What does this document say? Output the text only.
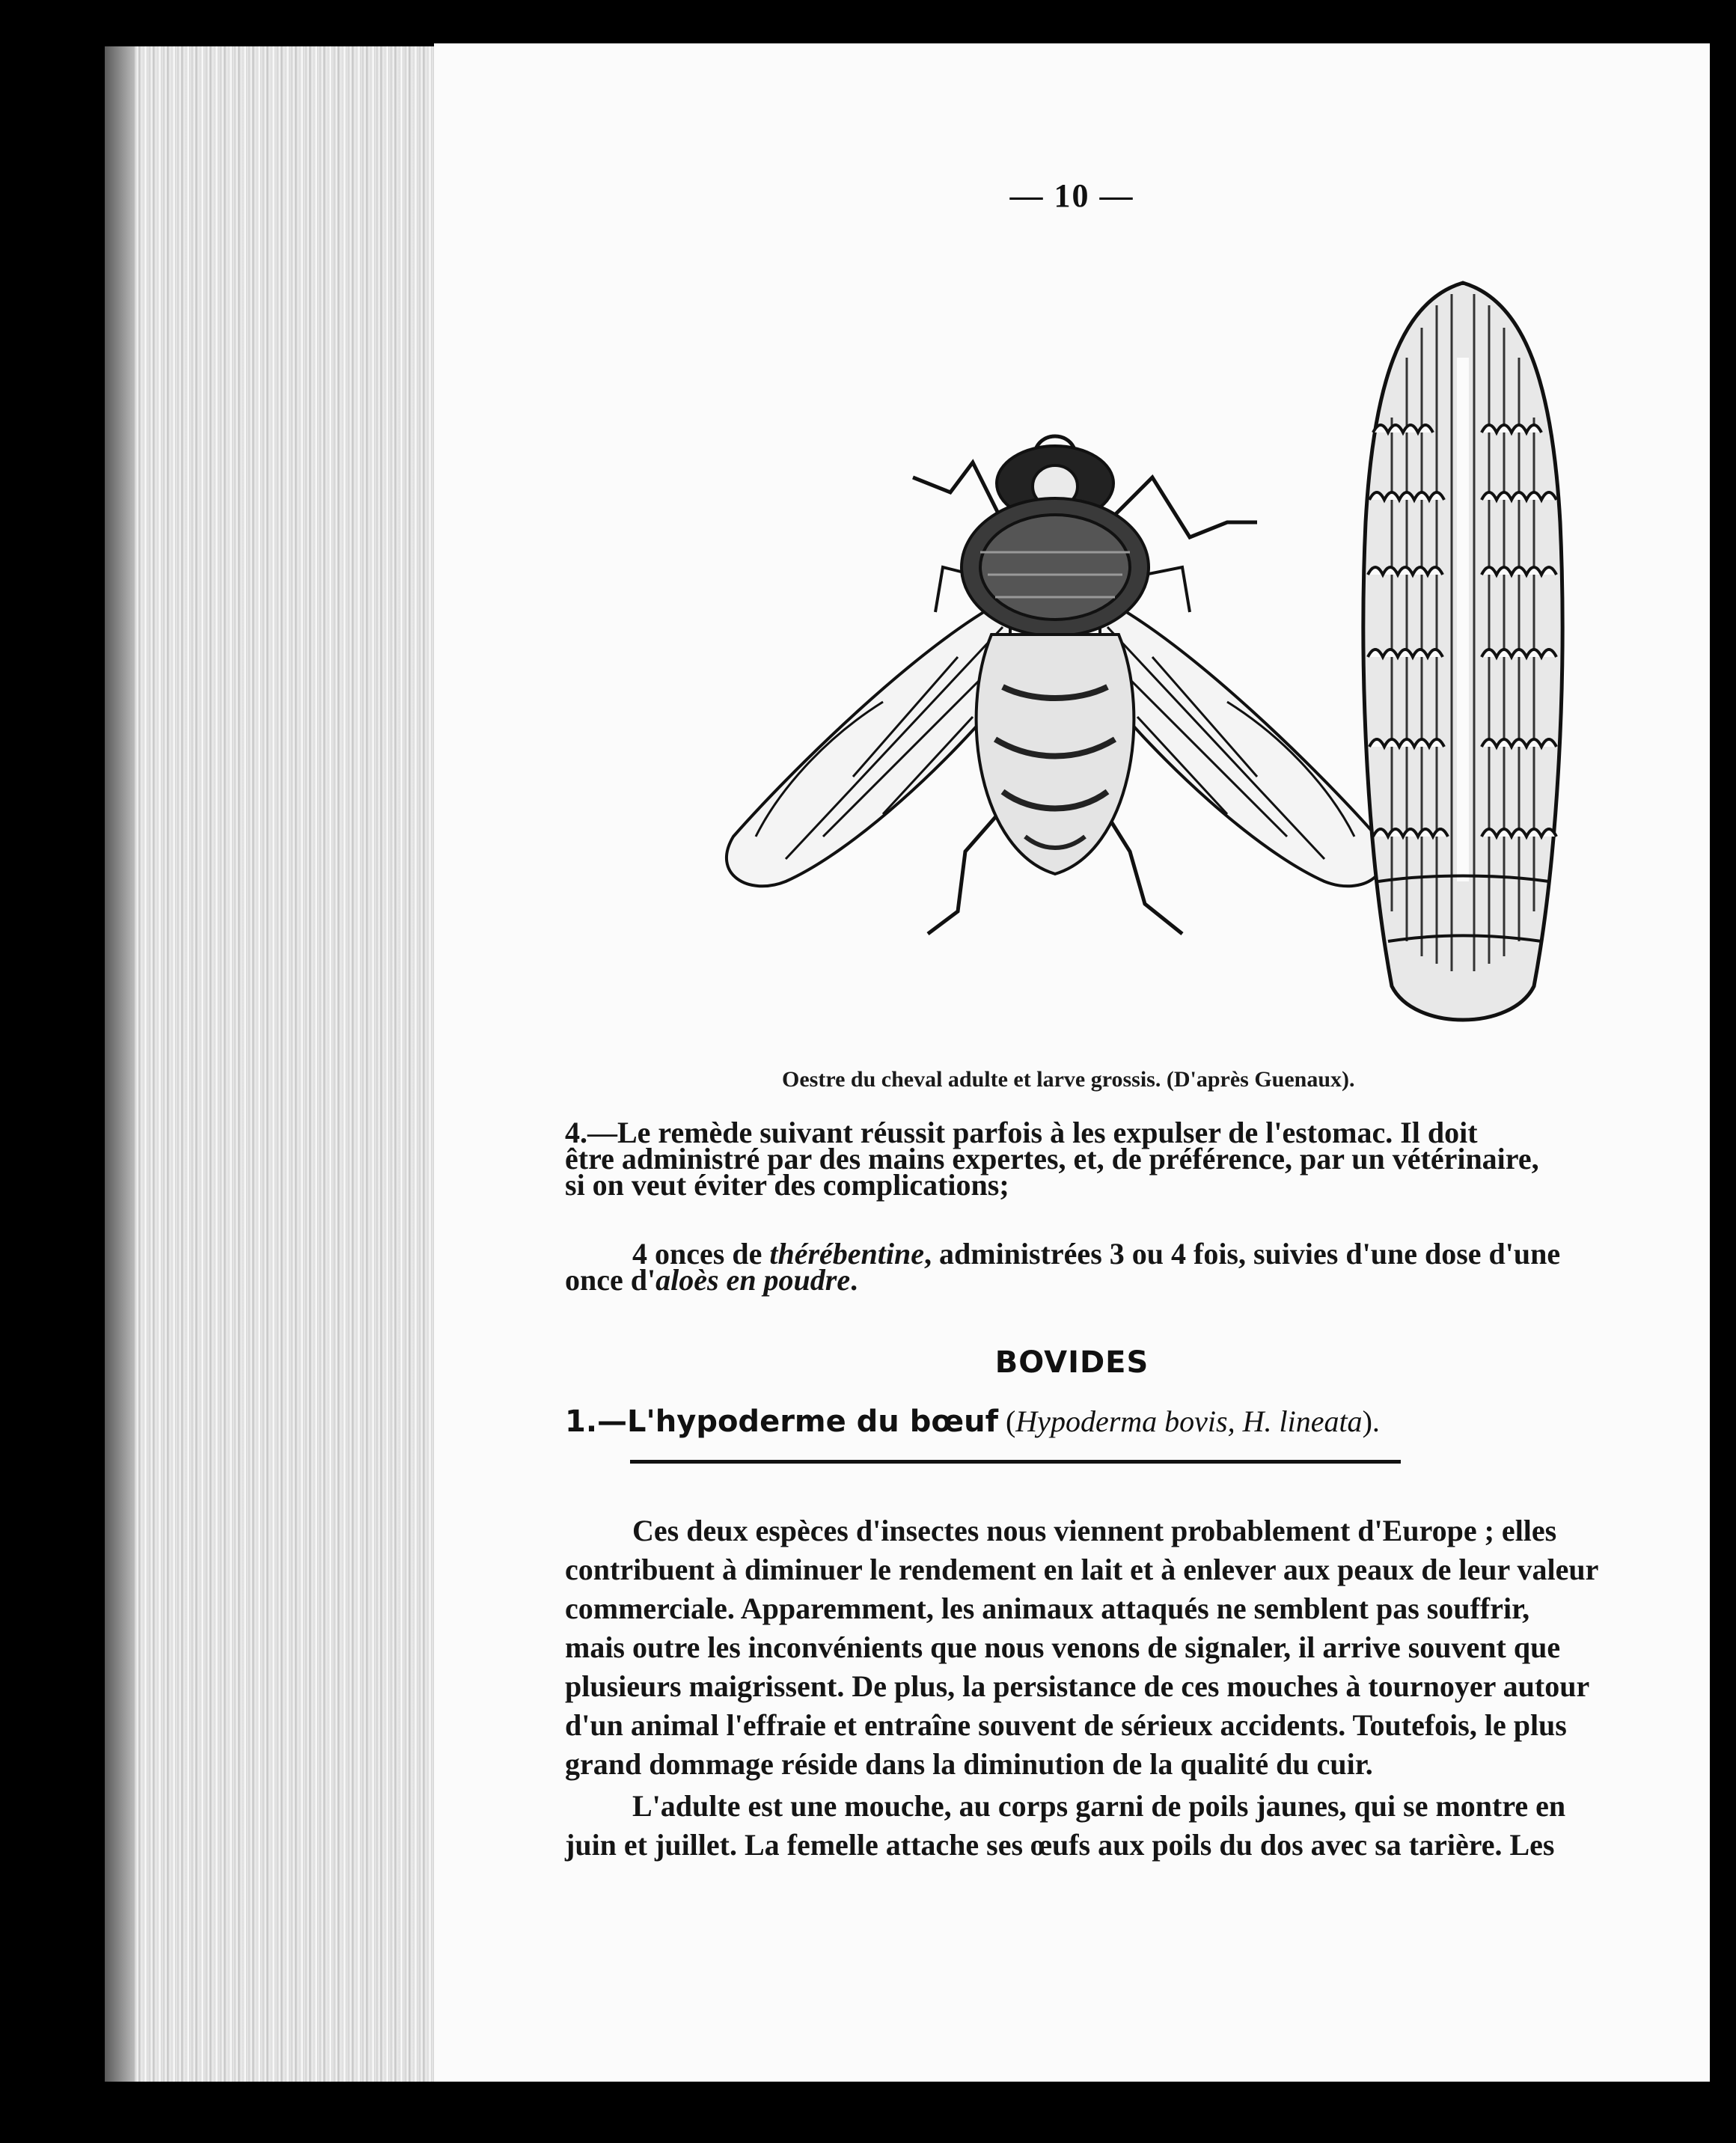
— 10 —
Oestre du cheval adulte et larve grossis. (D'après Guenaux).
4.—Le remède suivant réussit parfois à les expulser de l'estomac. Il doit
être administré par des mains expertes, et, de préférence, par un vétérinaire,
si on veut éviter des complications;
4 onces de thérébentine, administrées 3 ou 4 fois, suivies d'une dose d'une
once d'aloès en poudre.
BOVIDES
1.—L'hypoderme du bœuf (Hypoderma bovis, H. lineata).
Ces deux espèces d'insectes nous viennent probablement d'Europe ; elles
contribuent à diminuer le rendement en lait et à enlever aux peaux de leur valeur
commerciale. Apparemment, les animaux attaqués ne semblent pas souffrir,
mais outre les inconvénients que nous venons de signaler, il arrive souvent que
plusieurs maigrissent. De plus, la persistance de ces mouches à tournoyer autour
d'un animal l'effraie et entraîne souvent de sérieux accidents. Toutefois, le plus
grand dommage réside dans la diminution de la qualité du cuir.
L'adulte est une mouche, au corps garni de poils jaunes, qui se montre en
juin et juillet. La femelle attache ses œufs aux poils du dos avec sa tarière. Les
